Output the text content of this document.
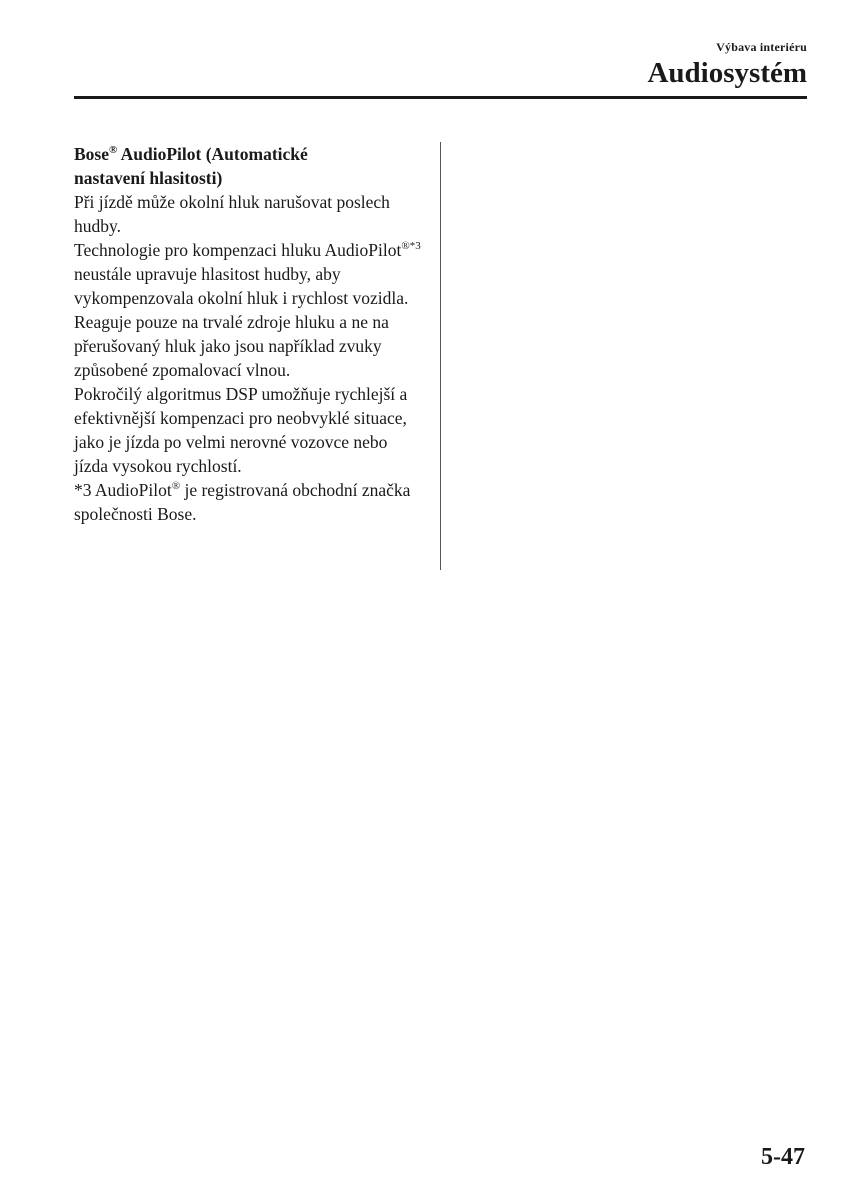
Výbava interiéru
Audiosystém

Bose® AudioPilot (Automatické
nastavení hlasitosti)

Při jízdě může okolní hluk narušovat poslech hudby.

Technologie pro kompenzaci hluku AudioPilot$^{®*3}$ neustále upravuje hlasitost hudby, aby vykompenzovala okolní hluk i rychlost vozidla.

Reaguje pouze na trvalé zdroje hluku a ne na přerušovaný hluk jako jsou například zvuky způsobené zpomalovací vlnou.

Pokročilý algoritmus DSP umožňuje rychlejší a efektivnější kompenzaci pro neobvyklé situace, jako je jízda po velmi nerovné vozovce nebo jízda vysokou rychlostí.

*3 AudioPilot® je registrovaná obchodní značka společnosti Bose.

5-47
